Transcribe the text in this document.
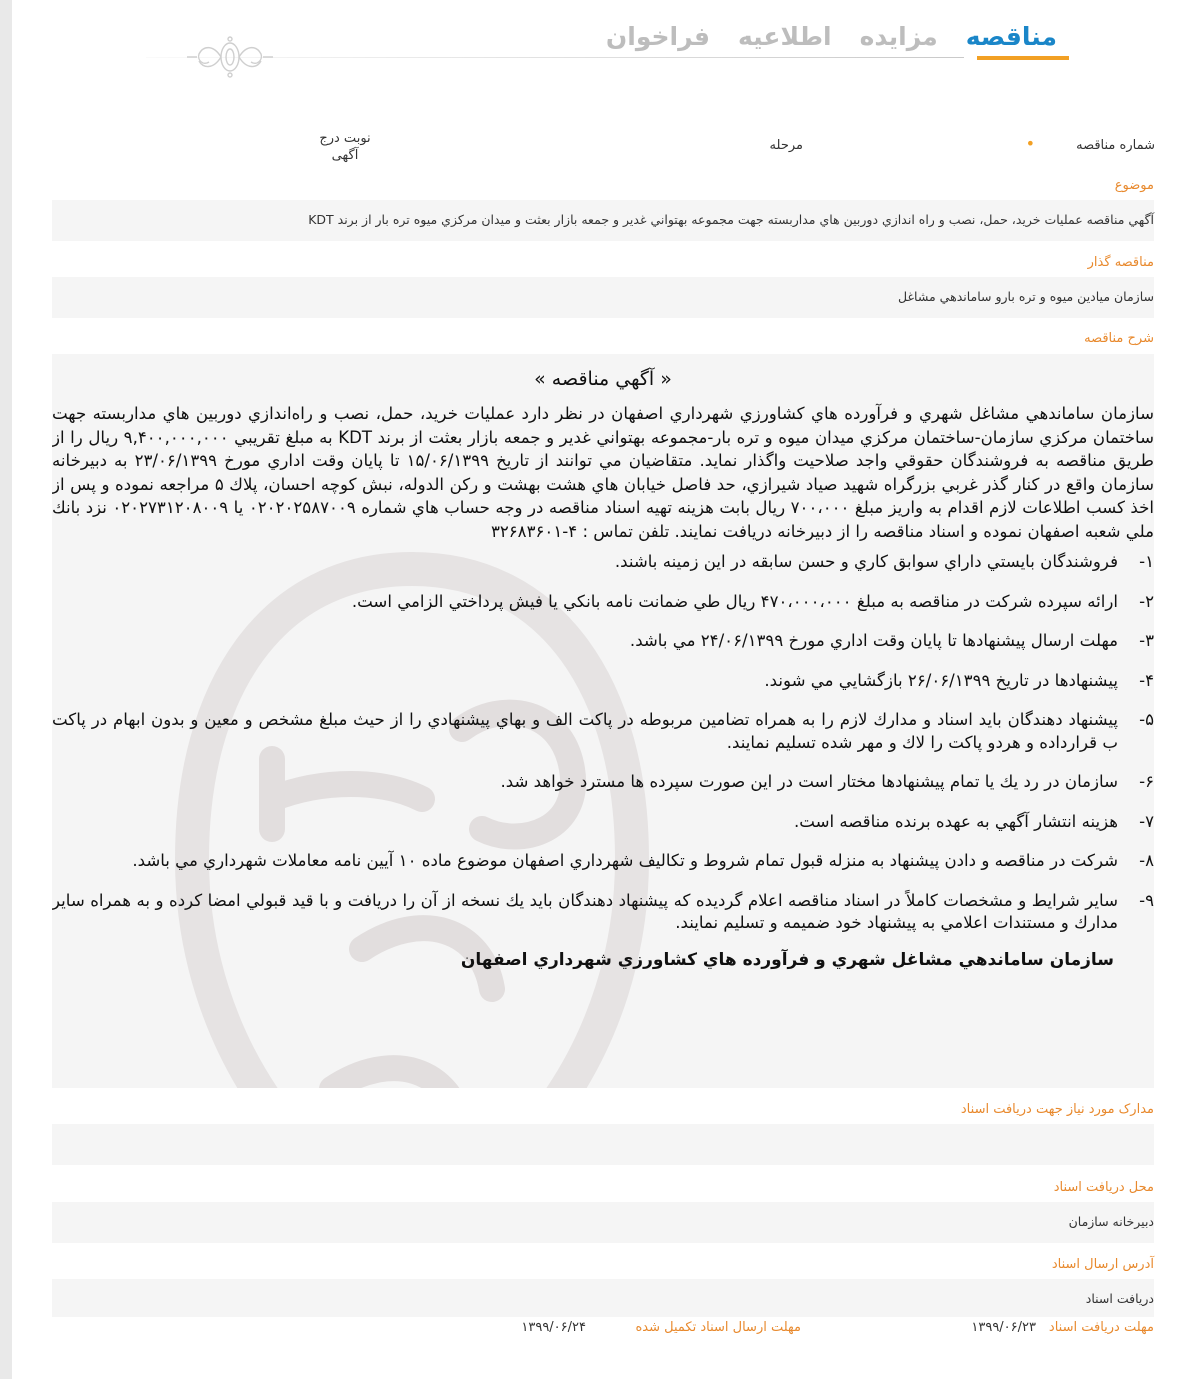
مناقصه
مزايده
اطلاعيه
فراخوان
شماره مناقصه
•
مرحله
نوبت درج آگهی
موضوع
آگهي مناقصه عمليات خريد، حمل، نصب و راه اندازي دوربين هاي مداربسته جهت مجموعه بهتواني غدير و جمعه بازار بعثت و ميدان مركزي ميوه تره بار از برند KDT
مناقصه گذار
سازمان ميادين ميوه و تره بارو ساماندهي مشاغل
شرح مناقصه
هزاره گستران ارتباط
« آگهي مناقصه »

سازمان ساماندهي مشاغل شهري و فرآورده هاي كشاورزي شهرداري اصفهان در نظر دارد عمليات خريد، حمل، نصب و راه‌اندازي دوربين هاي مداربسته جهت ساختمان مركزي سازمان-ساختمان مركزي ميدان ميوه و تره بار-مجموعه بهتواني غدير و جمعه بازار بعثت از برند KDT به مبلغ تقريبي ۹,۴۰۰,۰۰۰,۰۰۰ ريال را از طريق مناقصه به فروشندگان حقوقي واجد صلاحيت واگذار نمايد. متقاضيان مي توانند از تاريخ ۱۵/۰۶/۱۳۹۹ تا پايان وقت اداري مورخ ۲۳/۰۶/۱۳۹۹ به دبيرخانه سازمان واقع در كنار گذر غربي بزرگراه شهيد صياد شيرازي، حد فاصل خيابان هاي هشت بهشت و ركن الدوله، نبش كوچه احسان، پلاك ۵ مراجعه نموده و پس از اخذ كسب اطلاعات لازم اقدام به واريز مبلغ ۷۰۰،۰۰۰ ريال بابت هزينه تهيه اسناد مناقصه در وجه حساب هاي شماره ۰۲۰۲۰۲۵۸۷۰۰۹ يا ۰۲۰۲۷۳۱۲۰۸۰۰۹ نزد بانك ملي شعبه اصفهان نموده و اسناد مناقصه را از دبيرخانه دريافت نمايند. تلفن تماس : ۴-۳۲۶۸۳۶۰۱

۱-
فروشندگان بايستي داراي سوابق كاري و حسن سابقه در اين زمينه باشند.
۲-
ارائه سپرده شركت در مناقصه به مبلغ ۴۷۰،۰۰۰،۰۰۰ ريال طي ضمانت نامه بانكي يا فيش پرداختي الزامي است.
۳-
مهلت ارسال پيشنهادها تا پايان وقت اداري مورخ ۲۴/۰۶/۱۳۹۹ مي باشد.
۴-
پيشنهادها در تاريخ ۲۶/۰۶/۱۳۹۹ بازگشايي مي شوند.
۵-
پيشنهاد دهندگان بايد اسناد و مدارك لازم را به همراه تضامين مربوطه در پاكت الف و بهاي پيشنهادي را از حيث مبلغ مشخص و معين و بدون ابهام در پاكت ب قرارداده و هردو پاكت را لاك و مهر شده تسليم نمايند.
۶-
سازمان در رد يك يا تمام پيشنهادها مختار است در اين صورت سپرده ها مسترد خواهد شد.
۷-
هزينه انتشار آگهي به عهده برنده مناقصه است.
۸-
شركت در مناقصه و دادن پيشنهاد به منزله قبول تمام شروط و تكاليف شهرداري اصفهان موضوع ماده ۱۰ آيين نامه معاملات شهرداري مي باشد.
۹-
ساير شرايط و مشخصات كاملاً در اسناد مناقصه اعلام گرديده كه پيشنهاد دهندگان بايد يك نسخه از آن را دريافت و با قيد قبولي امضا كرده و به همراه ساير مدارك و مستندات اعلامي به پيشنهاد خود ضميمه و تسليم نمايند.
سازمان ساماندهي مشاغل شهري و فرآورده هاي كشاورزي شهرداري اصفهان
مدارک مورد نیاز جهت دریافت اسناد
محل دریافت اسناد
دبیرخانه سازمان
آدرس ارسال اسناد
دریافت اسناد
مهلت دریافت اسناد
۱۳۹۹/۰۶/۲۳
مهلت ارسال اسناد تکمیل شده
۱۳۹۹/۰۶/۲۴
